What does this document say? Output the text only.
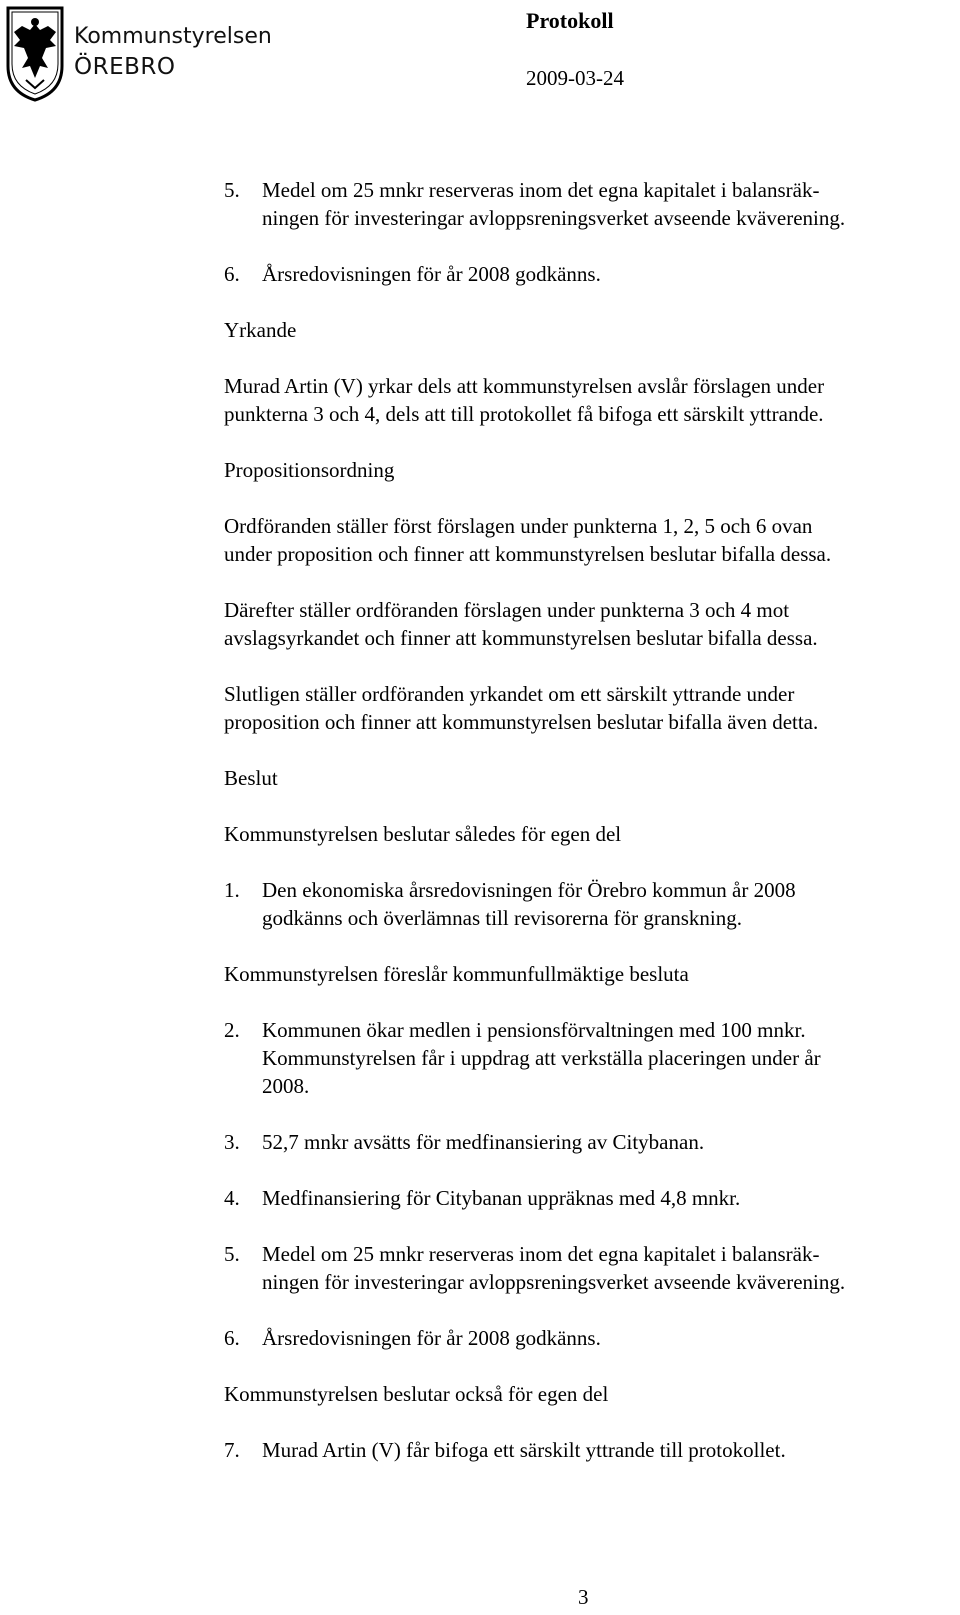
Kommunstyrelsen
ÖREBRO
Protokoll
2009-03-24
5. Medel om 25 mnkr reserveras inom det egna kapitalet i balansräk-
ningen för investeringar avloppsreningsverket avseende kväverening.
6. Årsredovisningen för år 2008 godkänns.
Yrkande
Murad Artin (V) yrkar dels att kommunstyrelsen avslår förslagen under
punkterna 3 och 4, dels att till protokollet få bifoga ett särskilt yttrande.
Propositionsordning
Ordföranden ställer först förslagen under punkterna 1, 2, 5 och 6 ovan
under proposition och finner att kommunstyrelsen beslutar bifalla dessa.
Därefter ställer ordföranden förslagen under punkterna 3 och 4 mot
avslagsyrkandet och finner att kommunstyrelsen beslutar bifalla dessa.
Slutligen ställer ordföranden yrkandet om ett särskilt yttrande under
proposition och finner att kommunstyrelsen beslutar bifalla även detta.
Beslut
Kommunstyrelsen beslutar således för egen del
1. Den ekonomiska årsredovisningen för Örebro kommun år 2008
godkänns och överlämnas till revisorerna för granskning.
Kommunstyrelsen föreslår kommunfullmäktige besluta
2. Kommunen ökar medlen i pensionsförvaltningen med 100 mnkr.
Kommunstyrelsen får i uppdrag att verkställa placeringen under år
2008.
3. 52,7 mnkr avsätts för medfinansiering av Citybanan.
4. Medfinansiering för Citybanan uppräknas med 4,8 mnkr.
5. Medel om 25 mnkr reserveras inom det egna kapitalet i balansräk-
ningen för investeringar avloppsreningsverket avseende kväverening.
6. Årsredovisningen för år 2008 godkänns.
Kommunstyrelsen beslutar också för egen del
7. Murad Artin (V) får bifoga ett särskilt yttrande till protokollet.
3
